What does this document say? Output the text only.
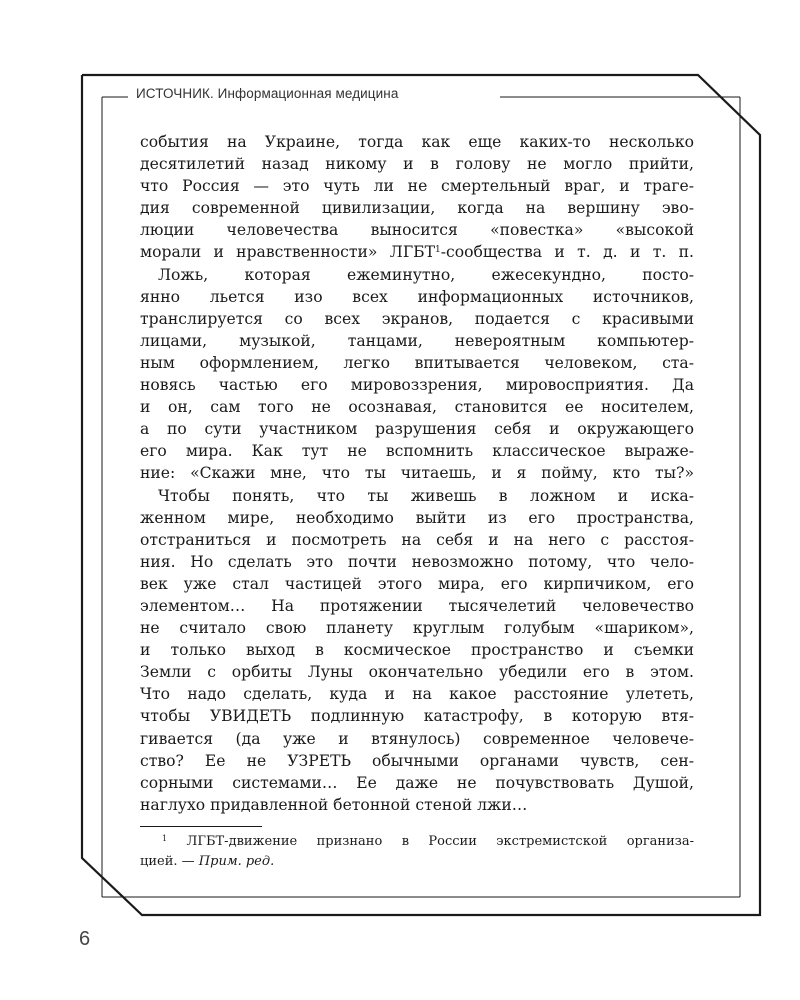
ИСТОЧНИК. Информационная медицина
события на Украине, тогда как еще каких-то несколько
десятилетий назад никому и в голову не могло прийти,
что Россия — это чуть ли не смертельный враг, и траге-
дия современной цивилизации, когда на вершину эво-
люции человечества выносится «повестка» «высокой
морали и нравственности» ЛГБТ$^1$-сообщества и т. д. и т. п.
Ложь, которая ежеминутно, ежесекундно, посто-
янно льется изо всех информационных источников,
транслируется со всех экранов, подается с красивыми
лицами, музыкой, танцами, невероятным компьютер-
ным оформлением, легко впитывается человеком, ста-
новясь частью его мировоззрения, мировосприятия. Да
и он, сам того не осознавая, становится ее носителем,
а по сути участником разрушения себя и окружающего
его мира. Как тут не вспомнить классическое выраже-
ние: «Скажи мне, что ты читаешь, и я пойму, кто ты?»
Чтобы понять, что ты живешь в ложном и иска-
женном мире, необходимо выйти из его пространства,
отстраниться и посмотреть на себя и на него с расстоя-
ния. Но сделать это почти невозможно потому, что чело-
век уже стал частицей этого мира, его кирпичиком, его
элементом… На протяжении тысячелетий человечество
не считало свою планету круглым голубым «шариком»,
и только выход в космическое пространство и съемки
Земли с орбиты Луны окончательно убедили его в этом.
Что надо сделать, куда и на какое расстояние улететь,
чтобы УВИДЕТЬ подлинную катастрофу, в которую втя-
гивается (да уже и втянулось) современное человече-
ство? Ее не УЗРЕТЬ обычными органами чувств, сен-
сорными системами… Ее даже не почувствовать Душой,
наглухо придавленной бетонной стеной лжи…
$^1$ ЛГБТ-движение признано в России экстремистской организа-
цией. — Прим. ред.
6
